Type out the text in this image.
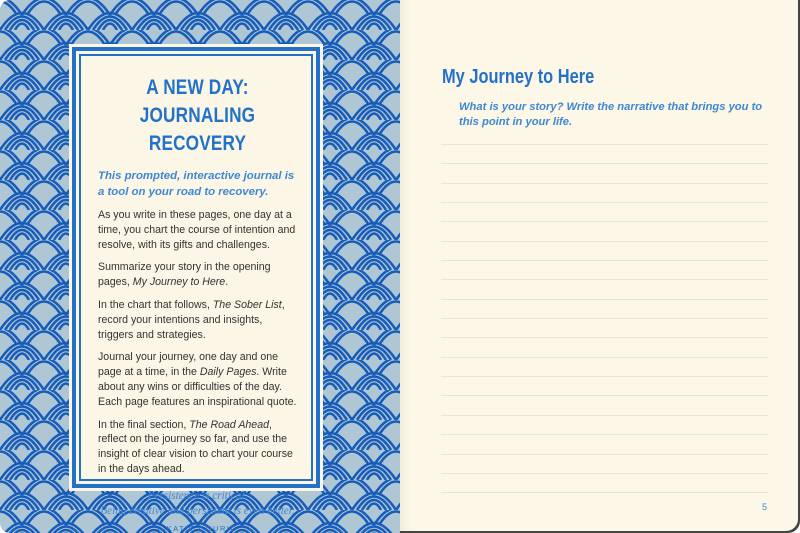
A NEW DAY:
JOURNALING RECOVERY
This prompted, interactive journal is a tool on your road to recovery.

As you write in these pages, one day at a time, you chart the course of intention and resolve, with its gifts and challenges.

Summarize your story in the opening pages, My Journey to Here.

In the chart that follows, The Sober List, record your intentions and insights, triggers and strategies.

Journal your journey, one day and one page at a time, in the Daily Pages. Write about any wins or difficulties of the day. Each page features an inspirational quote.

In the final section, The Road Ahead, reflect on the journey so far, and use the insight of clear vision to chart your course in the days ahead.

Persistence is critical.
Being creative and persistent is even better.
—KATIE COURIC
My Journey to Here
What is your story? Write the narrative that brings you to this point in your life.
5
